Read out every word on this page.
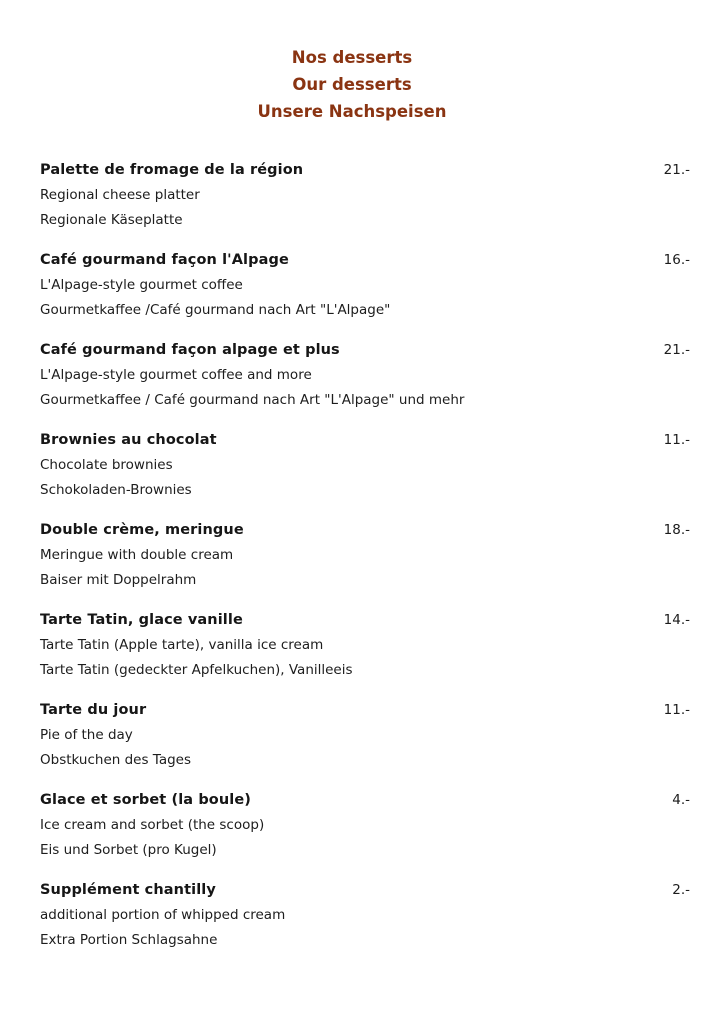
Nos desserts
Our desserts
Unsere Nachspeisen
Palette de fromage de la région	21.-
Regional cheese platter
Regionale Käseplatte
Café gourmand façon l'Alpage	16.-
L'Alpage-style gourmet coffee
Gourmetkaffee /Café gourmand nach Art "L'Alpage"
Café gourmand façon alpage et plus	21.-
L'Alpage-style gourmet coffee and more
Gourmetkaffee / Café gourmand nach Art "L'Alpage" und mehr
Brownies au chocolat	11.-
Chocolate brownies
Schokoladen-Brownies
Double crème, meringue	18.-
Meringue with double cream
Baiser mit Doppelrahm
Tarte Tatin, glace vanille	14.-
Tarte Tatin (Apple tarte), vanilla ice cream
Tarte Tatin (gedeckter Apfelkuchen), Vanilleeis
Tarte du jour	11.-
Pie of the day
Obstkuchen des Tages
Glace et sorbet (la boule)	4.-
Ice cream and sorbet (the scoop)
Eis und Sorbet (pro Kugel)
Supplément chantilly	2.-
additional portion of whipped cream
Extra Portion Schlagsahne
